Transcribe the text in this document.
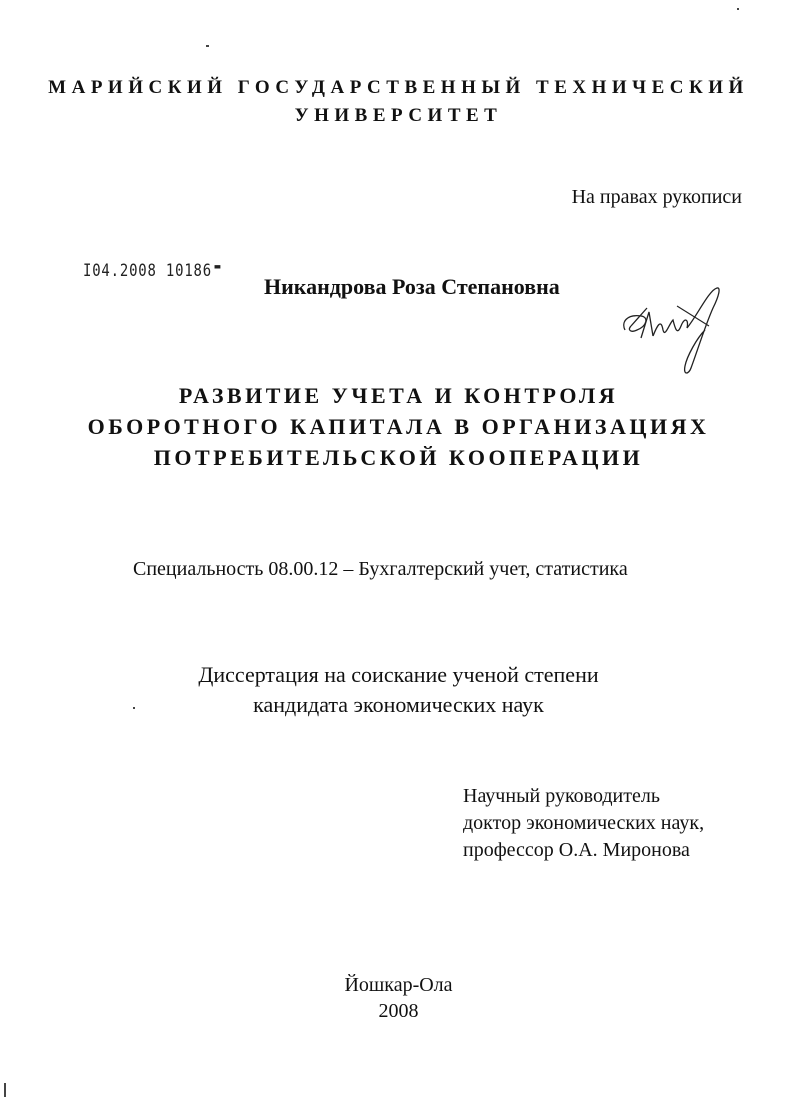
МАРИЙСКИЙ ГОСУДАРСТВЕННЫЙ ТЕХНИЧЕСКИЙ
УНИВЕРСИТЕТ
На правах рукописи
I04.2008 10186 ▬
Никандрова Роза Степановна
РАЗВИТИЕ УЧЕТА И КОНТРОЛЯ
ОБОРОТНОГО КАПИТАЛА В ОРГАНИЗАЦИЯХ
ПОТРЕБИТЕЛЬСКОЙ КООПЕРАЦИИ
Специальность 08.00.12 – Бухгалтерский учет, статистика
Диссертация на соискание ученой степени
кандидата экономических наук
Научный руководитель
доктор экономических наук,
профессор О.А. Миронова
Йошкар-Ола
2008
